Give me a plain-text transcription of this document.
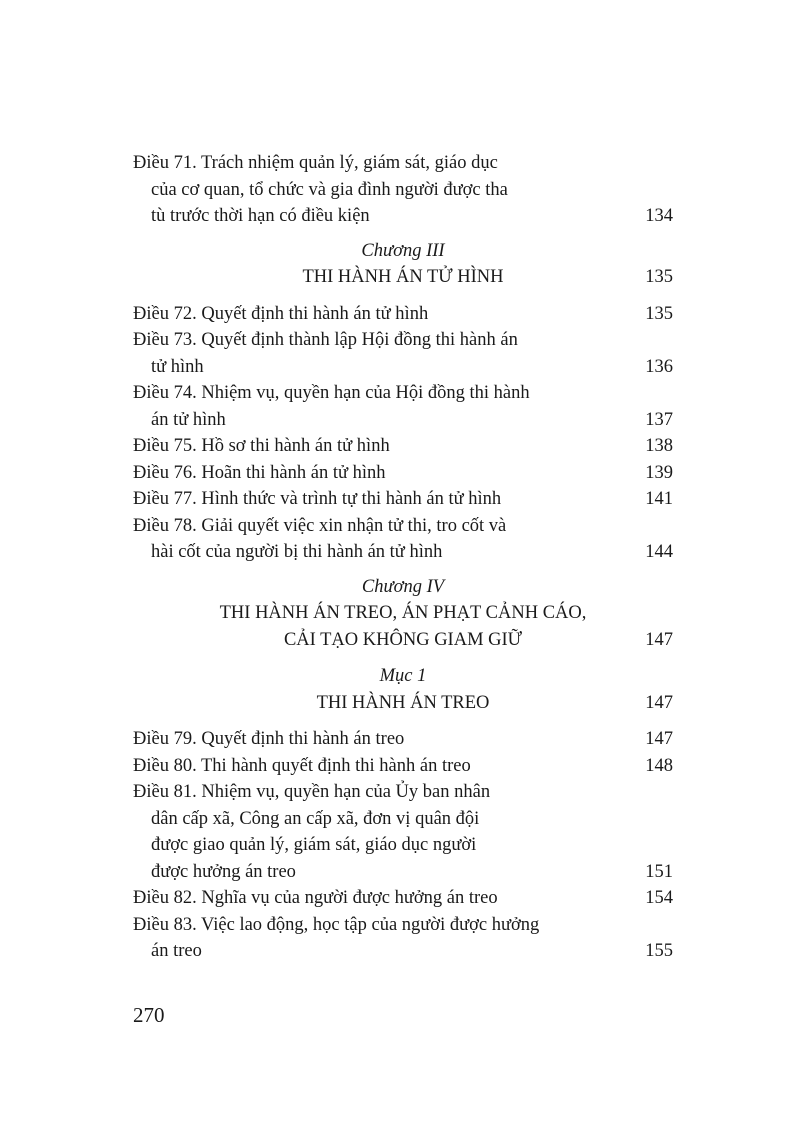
Điều 71. Trách nhiệm quản lý, giám sát, giáo dục
của cơ quan, tổ chức và gia đình người được tha
tù trước thời hạn có điều kiện	134
Chương III
THI HÀNH ÁN TỬ HÌNH	135
Điều 72. Quyết định thi hành án tử hình	135
Điều 73. Quyết định thành lập Hội đồng thi hành án
tử hình	136
Điều 74. Nhiệm vụ, quyền hạn của Hội đồng thi hành
án tử hình	137
Điều 75. Hồ sơ thi hành án tử hình	138
Điều 76. Hoãn thi hành án tử hình	139
Điều 77. Hình thức và trình tự thi hành án tử hình	141
Điều 78. Giải quyết việc xin nhận tử thi, tro cốt và
hài cốt của người bị thi hành án tử hình	144
Chương IV
THI HÀNH ÁN TREO, ÁN PHẠT CẢNH CÁO,
CẢI TẠO KHÔNG GIAM GIỮ	147
Mục 1
THI HÀNH ÁN TREO	147
Điều 79. Quyết định thi hành án treo	147
Điều 80. Thi hành quyết định thi hành án treo	148
Điều 81. Nhiệm vụ, quyền hạn của Ủy ban nhân
dân cấp xã, Công an cấp xã, đơn vị quân đội
được giao quản lý, giám sát, giáo dục người
được hưởng án treo	151
Điều 82. Nghĩa vụ của người được hưởng án treo	154
Điều 83. Việc lao động, học tập của người được hưởng
án treo	155
270
